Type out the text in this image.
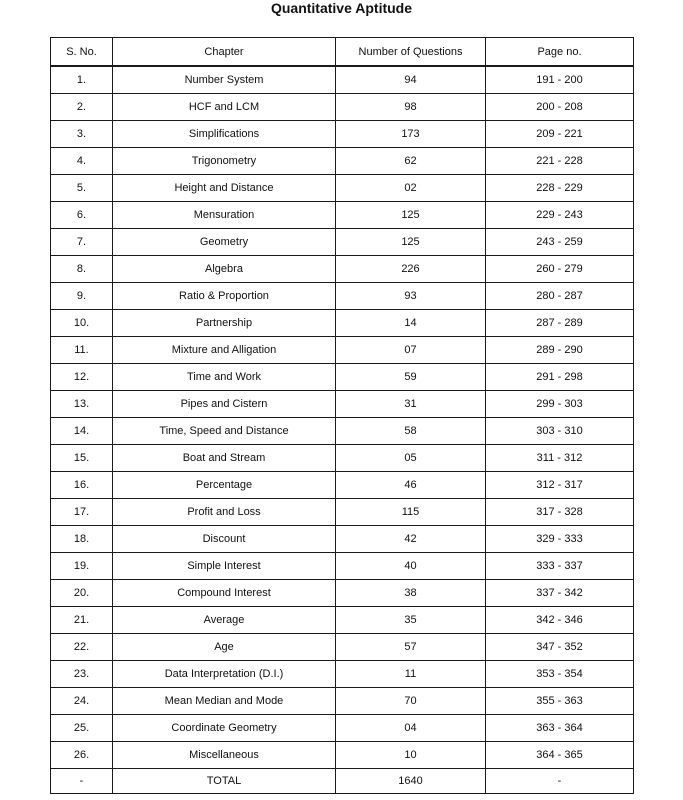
Quantitative Aptitude
S. No.	Chapter	Number of Questions	Page no.
1.	Number System	94	191 - 200
2.	HCF and LCM	98	200 - 208
3.	Simplifications	173	209 - 221
4.	Trigonometry	62	221 - 228
5.	Height and Distance	02	228 - 229
6.	Mensuration	125	229 - 243
7.	Geometry	125	243 - 259
8.	Algebra	226	260 - 279
9.	Ratio & Proportion	93	280 - 287
10.	Partnership	14	287 - 289
11.	Mixture and Alligation	07	289 - 290
12.	Time and Work	59	291 - 298
13.	Pipes and Cistern	31	299 - 303
14.	Time, Speed and Distance	58	303 - 310
15.	Boat and Stream	05	311 - 312
16.	Percentage	46	312 - 317
17.	Profit and Loss	115	317 - 328
18.	Discount	42	329 - 333
19.	Simple Interest	40	333 - 337
20.	Compound Interest	38	337 - 342
21.	Average	35	342 - 346
22.	Age	57	347 - 352
23.	Data Interpretation (D.I.)	11	353 - 354
24.	Mean Median and Mode	70	355 - 363
25.	Coordinate Geometry	04	363 - 364
26.	Miscellaneous	10	364 - 365
-	TOTAL	1640	-
